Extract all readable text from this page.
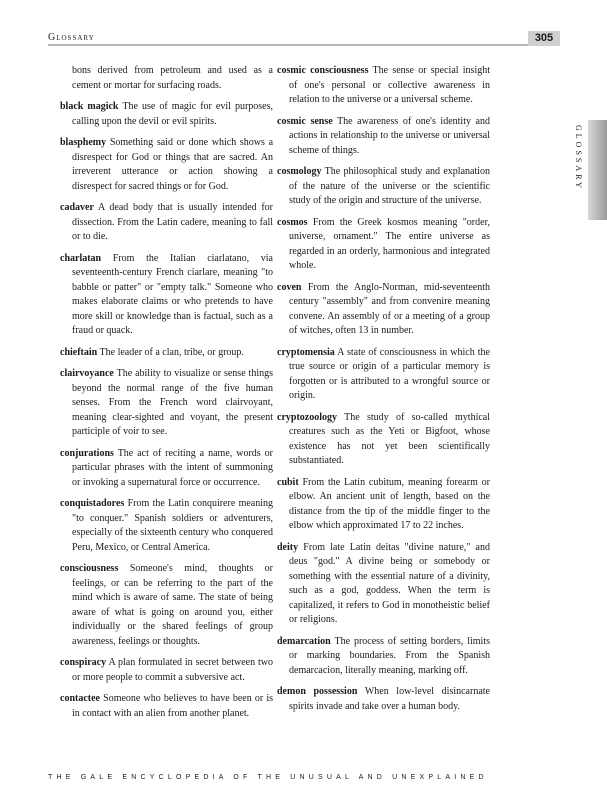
Glossary	305
GLOSSARY

bons derived from petroleum and used as a cement or mortar for surfacing roads.

black magick The use of magic for evil purposes, calling upon the devil or evil spirits.

blasphemy Something said or done which shows a disrespect for God or things that are sacred. An irreverent utterance or action showing a disrespect for sacred things or for God.

cadaver A dead body that is usually intended for dissection. From the Latin cadere, meaning to fall or to die.

charlatan From the Italian ciarlatano, via seventeenth-century French ciarlare, meaning "to babble or patter" or "empty talk." Someone who makes elaborate claims or who pretends to have more skill or knowledge than is factual, such as a fraud or quack.

chieftain The leader of a clan, tribe, or group.

clairvoyance The ability to visualize or sense things beyond the normal range of the five human senses. From the French word clairvoyant, meaning clear-sighted and voyant, the present participle of voir to see.

conjurations The act of reciting a name, words or particular phrases with the intent of summoning or invoking a supernatural force or occurrence.

conquistadores From the Latin conquirere meaning "to conquer." Spanish soldiers or adventurers, especially of the sixteenth century who conquered Peru, Mexico, or Central America.

consciousness Someone's mind, thoughts or feelings, or can be referring to the part of the mind which is aware of same. The state of being aware of what is going on around you, either individually or the shared feelings of group awareness, feelings or thoughts.

conspiracy A plan formulated in secret between two or more people to commit a subversive act.

contactee Someone who believes to have been or is in contact with an alien from another planet.

cosmic consciousness The sense or special insight of one's personal or collective awareness in relation to the universe or a universal scheme.

cosmic sense The awareness of one's identity and actions in relationship to the universe or universal scheme of things.

cosmology The philosophical study and explanation of the nature of the universe or the scientific study of the origin and structure of the universe.

cosmos From the Greek kosmos meaning "order, universe, ornament." The entire universe as regarded in an orderly, harmonious and integrated whole.

coven From the Anglo-Norman, mid-seventeenth century "assembly" and from convenire meaning convene. An assembly of or a meeting of a group of witches, often 13 in number.

cryptomensia A state of consciousness in which the true source or origin of a particular memory is forgotten or is attributed to a wrongful source or origin.

cryptozoology The study of so-called mythical creatures such as the Yeti or Bigfoot, whose existence has not yet been scientifically substantiated.

cubit From the Latin cubitum, meaning forearm or elbow. An ancient unit of length, based on the distance from the tip of the middle finger to the elbow which approximated 17 to 22 inches.

deity From late Latin deitas "divine nature," and deus "god." A divine being or somebody or something with the essential nature of a divinity, such as a god, goddess. When the term is capitalized, it refers to God in monotheistic belief or religions.

demarcation The process of setting borders, limits or marking boundaries. From the Spanish demarcacion, literally meaning, marking off.

demon possession When low-level disincarnate spirits invade and take over a human body.

THE GALE ENCYCLOPEDIA OF THE UNUSUAL AND UNEXPLAINED
